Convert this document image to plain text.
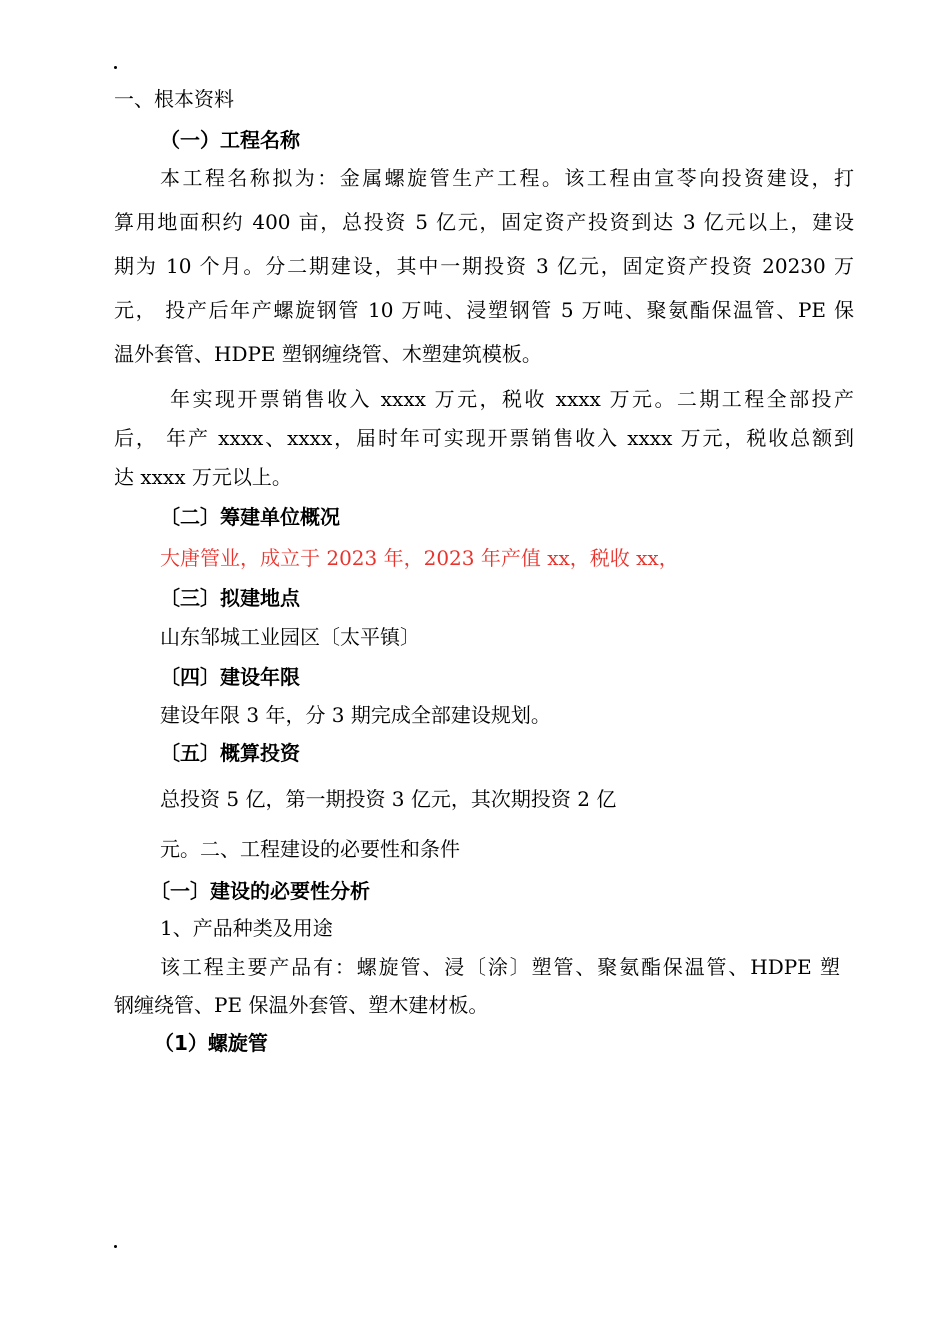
一、根本资料
（一）工程名称
本工程名称拟为：金属螺旋管生产工程。该工程由宣苓向投资建设，打
算用地面积约 400 亩，总投资 5 亿元，固定资产投资到达 3 亿元以上，建设
期为 10 个月。分二期建设，其中一期投资 3 亿元，固定资产投资 20230 万
元， 投产后年产螺旋钢管 10 万吨、浸塑钢管 5 万吨、聚氨酯保温管、PE 保
温外套管、HDPE 塑钢缠绕管、木塑建筑模板。
年实现开票销售收入 xxxx 万元，税收 xxxx 万元。二期工程全部投产
后， 年产 xxxx、xxxx，届时年可实现开票销售收入 xxxx 万元，税收总额到
达 xxxx 万元以上。
〔二〕筹建单位概况
大唐管业，成立于 2023 年，2023 年产值 xx，税收 xx，
〔三〕拟建地点
山东邹城工业园区〔太平镇〕
〔四〕建设年限
建设年限 3 年，分 3 期完成全部建设规划。
〔五〕概算投资
总投资 5 亿，第一期投资 3 亿元，其次期投资 2 亿
元。二、工程建设的必要性和条件
〔一〕建设的必要性分析
1、产品种类及用途
该工程主要产品有：螺旋管、浸〔涂〕塑管、聚氨酯保温管、HDPE 塑
钢缠绕管、PE 保温外套管、塑木建材板。
（1）螺旋管
